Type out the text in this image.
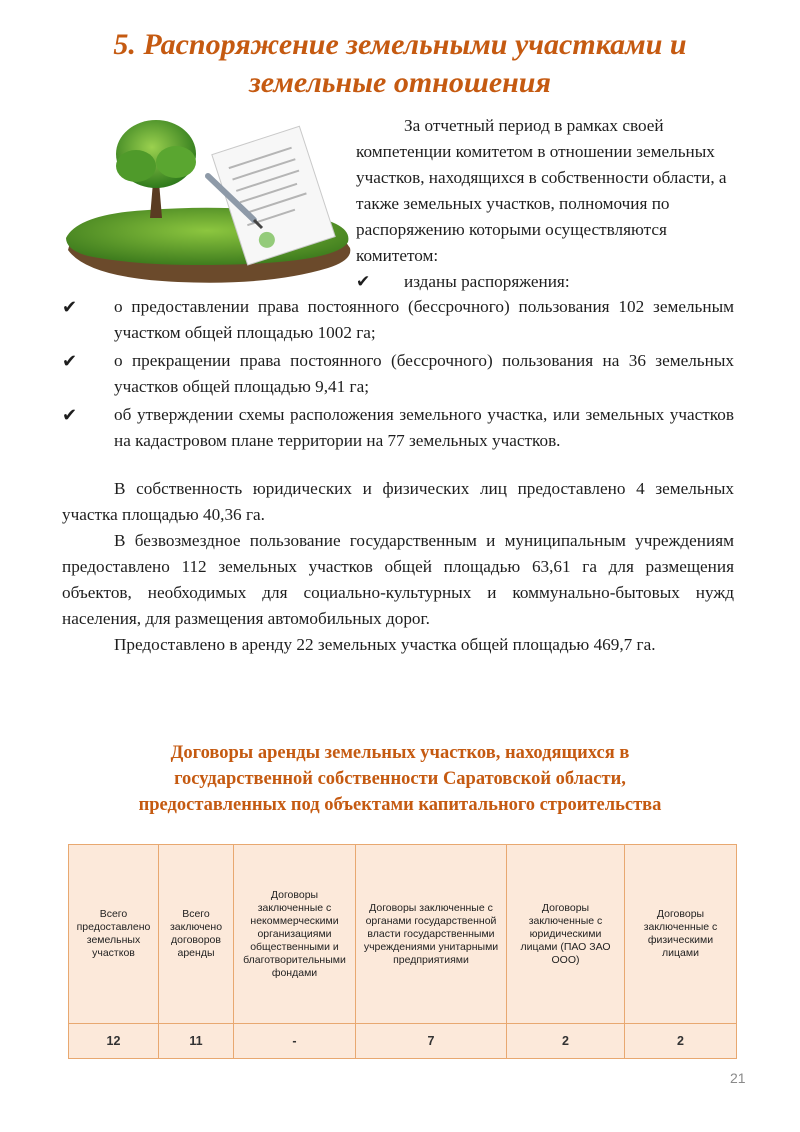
5. Распоряжение земельными участками и
земельные отношения
За отчетный период в рамках своей компетенции комитетом в отношении земельных участков, находящихся в собственности области, а также земельных участков, полномочия по распоряжению которыми осуществляются комитетом:
✔ изданы распоряжения:
✔ о предоставлении права постоянного (бессрочного) пользования 102 земельным участком общей площадью 1002 га;
✔ о прекращении права постоянного (бессрочного) пользования на 36 земельных участков общей площадью 9,41 га;
✔ об утверждении схемы расположения земельного участка, или земельных участков на кадастровом плане территории на 77 земельных участков.

В собственность юридических и физических лиц предоставлено 4 земельных участка площадью 40,36 га.

В безвозмездное пользование государственным и муниципальным учреждениям предоставлено 112 земельных участков общей площадью 63,61 га для размещения объектов, необходимых для социально-культурных и коммунально-бытовых нужд населения, для размещения автомобильных дорог.

Предоставлено в аренду 22 земельных участка общей площадью 469,7 га.

Договоры аренды земельных участков, находящихся в
государственной собственности Саратовской области,
предоставленных под объектами капитального строительства
Всего предоставлено земельных участков	Всего заключено договоров аренды	Договоры заключенные с некоммерческими организациями общественными и благотворительными фондами	Договоры заключенные с органами государственной власти государственными учреждениями унитарными предприятиями	Договоры заключенные с юридическими лицами (ПАО ЗАО ООО)	Договоры заключенные с физическими лицами
12	11	-	7	2	2
21
